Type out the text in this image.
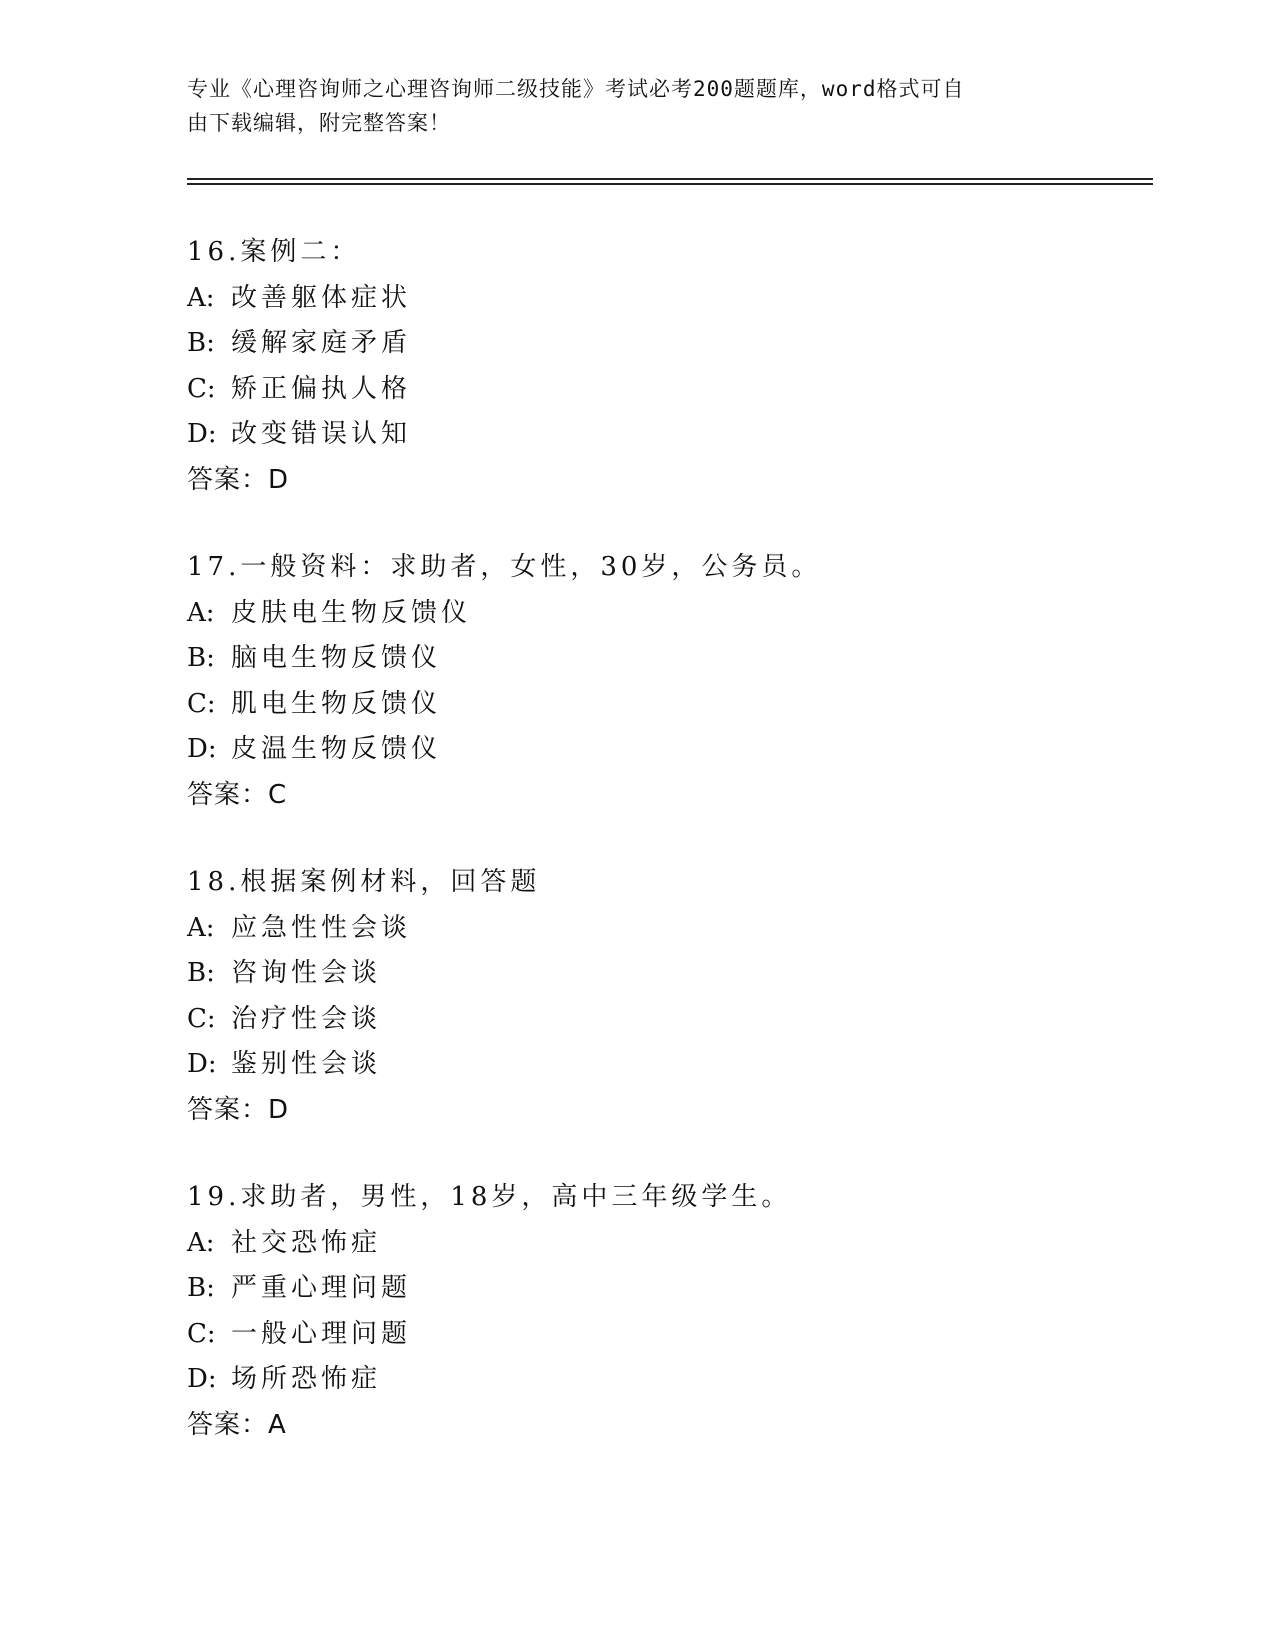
专业《心理咨询师之心理咨询师二级技能》考试必考200题题库，word格式可自
由下载编辑，附完整答案！
16.案例二：
A: 改善躯体症状
B: 缓解家庭矛盾
C: 矫正偏执人格
D: 改变错误认知
答案：D
17.一般资料：求助者，女性，30岁，公务员。
A: 皮肤电生物反馈仪
B: 脑电生物反馈仪
C: 肌电生物反馈仪
D: 皮温生物反馈仪
答案：C
18.根据案例材料，回答题
A: 应急性性会谈
B: 咨询性会谈
C: 治疗性会谈
D: 鉴别性会谈
答案：D
19.求助者，男性，18岁，高中三年级学生。
A: 社交恐怖症
B: 严重心理问题
C: 一般心理问题
D: 场所恐怖症
答案：A
